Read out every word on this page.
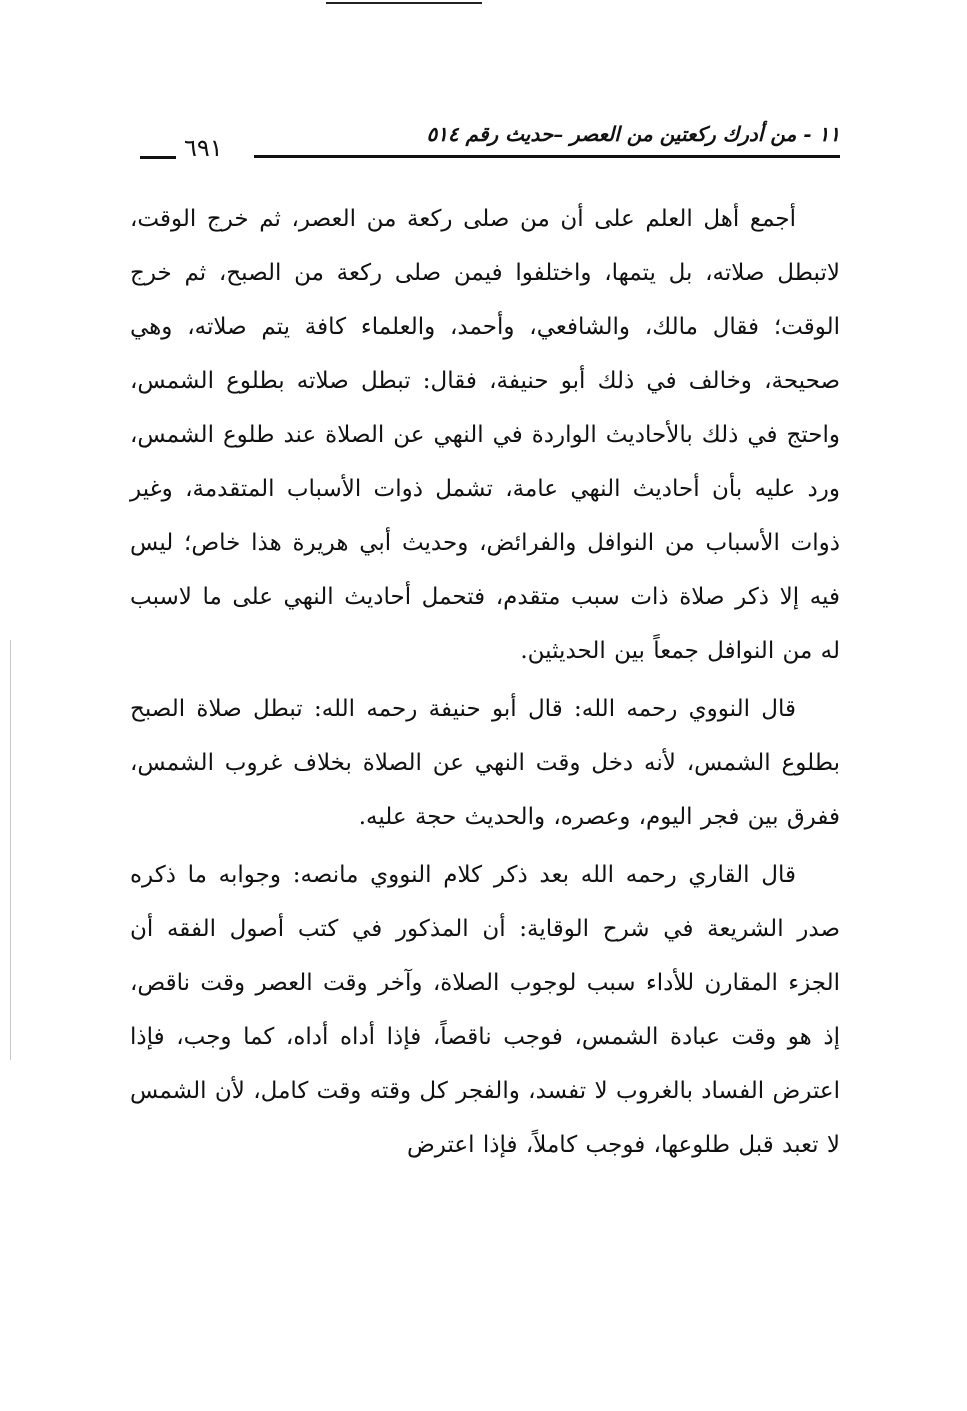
١١ - من أدرك ركعتين من العصر –حديث رقم ٥١٤
٦٩١

أجمع أهل العلم على أن من صلى ركعة من العصر، ثم خرج الوقت، لاتبطل صلاته، بل يتمها، واختلفوا فيمن صلى ركعة من الصبح، ثم خرج الوقت؛ فقال مالك، والشافعي، وأحمد، والعلماء كافة يتم صلاته، وهي صحيحة، وخالف في ذلك أبو حنيفة، فقال: تبطل صلاته بطلوع الشمس، واحتج في ذلك بالأحاديث الواردة في النهي عن الصلاة عند طلوع الشمس، ورد عليه بأن أحاديث النهي عامة، تشمل ذوات الأسباب المتقدمة، وغير ذوات الأسباب من النوافل والفرائض، وحديث أبي هريرة هذا خاص؛ ليس فيه إلا ذكر صلاة ذات سبب متقدم، فتحمل أحاديث النهي على ما لاسبب له من النوافل جمعاً بين الحديثين.

قال النووي رحمه الله: قال أبو حنيفة رحمه الله: تبطل صلاة الصبح بطلوع الشمس، لأنه دخل وقت النهي عن الصلاة بخلاف غروب الشمس، ففرق بين فجر اليوم، وعصره، والحديث حجة عليه.

قال القاري رحمه الله بعد ذكر كلام النووي مانصه: وجوابه ما ذكره صدر الشريعة في شرح الوقاية: أن المذكور في كتب أصول الفقه أن الجزء المقارن للأداء سبب لوجوب الصلاة، وآخر وقت العصر وقت ناقص، إذ هو وقت عبادة الشمس، فوجب ناقصاً، فإذا أداه أداه، كما وجب، فإذا اعترض الفساد بالغروب لا تفسد، والفجر كل وقته وقت كامل، لأن الشمس لا تعبد قبل طلوعها، فوجب كاملاً، فإذا اعترض
